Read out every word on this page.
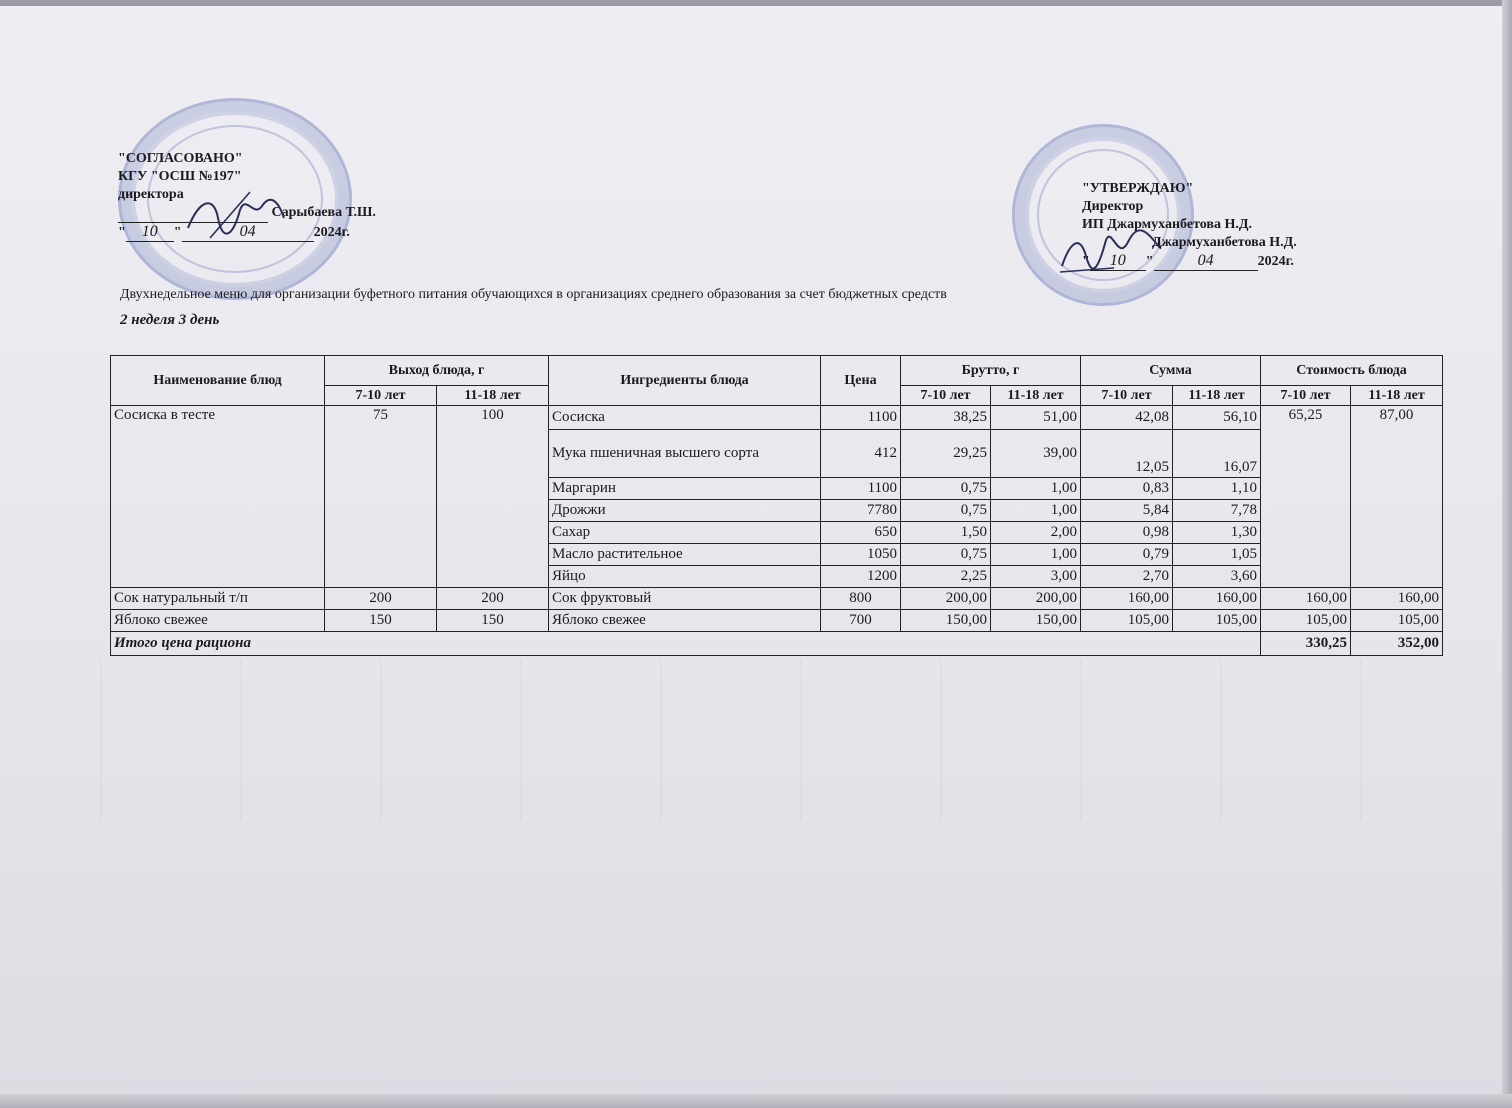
"СОГЛАСОВАНО"
КГУ "ОСШ №197"
директора
Сарыбаева Т.Ш.
" 10 "	04	2024г.
"УТВЕРЖДАЮ"
Директор
ИП Джармуханбетова Н.Д.
Джармуханбетова Н.Д.
" 10 "	04	2024г.
Двухнедельное меню для организации буфетного питания обучающихся в организациях среднего образования за счет бюджетных средств
2 неделя 3 день
Наименование блюд	Выход блюда, г		Ингредиенты блюда	Цена	Брутто, г		Сумма		Стоимость блюда	
	7-10 лет	11-18 лет			7-10 лет	11-18 лет	7-10 лет	11-18 лет	7-10 лет	11-18 лет
Сосиска в тесте	75	100	Сосиска	1100	38,25	51,00	42,08	56,10	65,25	87,00
			Мука пшеничная высшего сорта	412	29,25	39,00	12,05	16,07		
			Маргарин	1100	0,75	1,00	0,83	1,10		
			Дрожжи	7780	0,75	1,00	5,84	7,78		
			Сахар	650	1,50	2,00	0,98	1,30		
			Масло растительное	1050	0,75	1,00	0,79	1,05		
			Яйцо	1200	2,25	3,00	2,70	3,60		
Сок натуральный т/п	200	200	Сок фруктовый	800	200,00	200,00	160,00	160,00	160,00	160,00
Яблоко свежее	150	150	Яблоко свежее	700	150,00	150,00	105,00	105,00	105,00	105,00
Итого цена рациона									330,25	352,00
